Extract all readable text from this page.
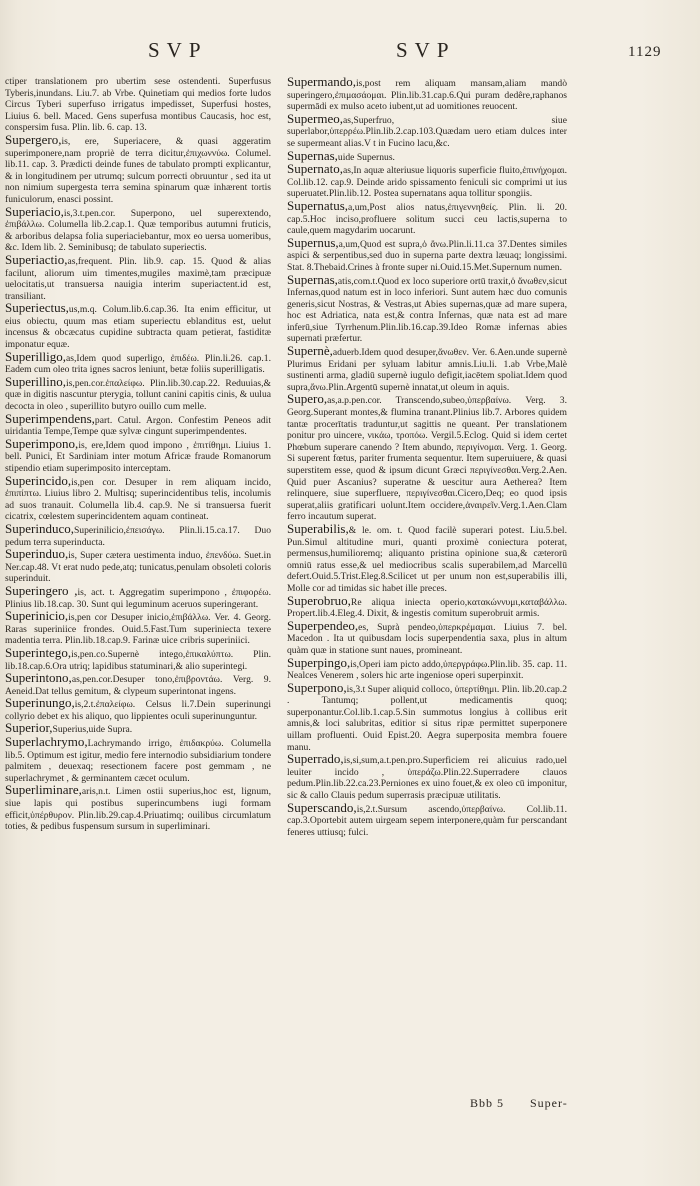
SVP	SVP	1129
ctiper translationem pro ubertim sese ostendenti. Superfusus Tyberis,inundans. Liu.7. ab Vrbe. Quinetiam qui medios forte ludos Circus Tyberi superfuso irrigatus impedisset, Superfusi hostes, Liuius 6. bell. Maced. Gens superfusa montibus Caucasis, hoc est, conspersim fusa. Plin. lib. 6. cap. 13.
Supergero,is, ere, Superiacere, & quasi aggeratim superimponere,nam propriè de terra dicitur,ἐπιχωννύω. Columel. lib.11. cap. 3. Prædicti deinde funes de tabulato prompti explicantur, & in longitudinem per utrumq; sulcum porrecti obruuntur , sed ita ut non nimium supergesta terra semina spinarum quæ inhærent tortis funiculorum, enasci possint.
Superiacio,is,3.t.pen.cor. Superpono, uel superextendo, ἐπιβάλλω. Columella lib.2.cap.1. Quæ temporibus autumni fruticis, & arboribus delapsa folia superiaciebantur, mox eo uersa uomeribus, &c. Idem lib. 2. Seminibusq; de tabulato superiectis.
Superiactio,as,frequent. Plin. lib.9. cap. 15. Quod & alias facilunt, aliorum uim timentes,mugiles maximè,tam præcipuæ uelocitatis,ut transuersa nauigia interim superiactent.id est, transiliant.
Superiectus,us,m.q. Colum.lib.6.cap.36. Ita enim efficitur, ut eius obiectu, quum mas etiam superiectu eblanditus est, uelut incensus & obcæcatus cupidine subtracta quam petierat, fastiditæ imponatur equæ.
Superilligo,as,Idem quod superligo, ἐπιδέω. Plin.li.26. cap.1. Eadem cum oleo trita ignes sacros leniunt, betæ foliis superilligatis.
Superillino,is,pen.cor.ἐπαλείφω. Plin.lib.30.cap.22. Reduuias,& quæ in digitis nascuntur pterygia, tollunt canini capitis cinis, & uulua decocta in oleo , superillito butyro ouillo cum melle.
Superimpendens,part. Catul. Argon. Confestim Peneos adit uiridantia Tempe,Tempe quæ sylvæ cingunt superimpendentes.
Superimpono,is, ere,Idem quod impono , ἐπιτίθημι. Liuius 1. bell. Punici, Et Sardiniam inter motum Africæ fraude Romanorum stipendio etiam superimposito interceptam.
Superincido,is,pen cor. Desuper in rem aliquam incido, ἐπιπίπτω. Liuius libro 2. Multisq; superincidentibus telis, incolumis ad suos tranauit. Columella lib.4. cap.9. Ne si transuersa fuerit cicatrix, cœlestem superincidentem aquam contineat.
Superinduco,Superinilicio,ἐπεισάγω. Plin.li.15.ca.17. Duo pedum terra superinducta.
Superinduo,is, Super cætera uestimenta induo, ἐπενδύω. Suet.in Ner.cap.48. Vt erat nudo pede,atq; tunicatus,penulam obsoleti coloris superinduit.
Superingero ,is, act. t. Aggregatim superimpono , ἐπιφορέω. Plinius lib.18.cap. 30. Sunt qui leguminum aceruos superingerant.
Superinicio,is,pen cor Desuper inicio,ἐπιβάλλω. Ver. 4. Georg. Raras superiniice frondes. Ouid.5.Fast.Tum superiniecta texere madentia terra. Plin.lib.18.cap.9. Farinæ uice cribris superiniici.
Superintego,is,pen.co.Supernè intego,ἐπικαλύπτω. Plin. lib.18.cap.6.Ora utriq; lapidibus statuminari,& alio superintegi.
Superintono,as,pen.cor.Desuper tono,ἐπιβροντάω. Verg. 9. Aeneid.Dat tellus gemitum, & clypeum superintonat ingens.
Superinungo,is,2.t.ἐπαλείφω. Celsus li.7.Dein superinungi collyrio debet ex his aliquo, quo lippientes oculi superinunguntur.
Superior,Superius,uide Supra.
Superlachrymo,Lachrymando irrigo, ἐπιδακρύω. Columella lib.5. Optimum est igitur, medio fere internodio subsidiarium tondere palmitem , deuexaq; resectionem facere post gemmam , ne superlachrymet , & germinantem cæcet oculum.
Superliminare,aris,n.t. Limen ostii superius,hoc est, lignum, siue lapis qui postibus superincumbens iugi formam efficit,ὑπέρθυρον. Plin.lib.29.cap.4.Priuatimq; ouilibus circumlatum toties, & pedibus fuspensum sursum in superliminari.
Supermando,is,post rem aliquam mansam,aliam mandò superingero,ἐπιμασάομαι. Plin.lib.31.cap.6.Qui puram dedêre,raphanos supermādi ex mulso aceto iubent,ut ad uomitiones reuocent.
Supermeo,as,Superfruo, siue superlabor,ὑπερρέω.Plin.lib.2.cap.103.Quædam uero etiam dulces inter se supermeant alias.V t in Fucino lacu,&c.
Supernas,uide Supernus.
Supernato,as,In aquæ alteriusue liquoris superficie fluito,ἐπινήχομαι. Col.lib.12. cap.9. Deinde arido spissamento feniculi sic comprimi ut ius superuatet.Plin.lib.12. Postea supernatans aqua tollitur spongiis.
Supernatus,a,um,Post alios natus,ἐπιγεννηθείς. Plin. li. 20. cap.5.Hoc inciso,profluere solitum succi ceu lactis,superna to caule,quem magydarim uocarunt.
Supernus,a,um,Quod est supra,ὁ ἄνω.Plin.li.11.ca 37.Dentes similes aspici & serpentibus,sed duo in superna parte dextra læuaq; longissimi. Stat. 8.Thebaid.Crines à fronte super ni.Ouid.15.Met.Supernum numen.
Supernas,atis,com.t.Quod ex loco superiore ortū traxit,ὁ ἄνωθεν,sicut Infernas,quod natum est in loco inferiori. Sunt autem hæc duo comunis generis,sicut Nostras, & Vestras,ut Abies supernas,quæ ad mare supera, hoc est Adriatica, nata est,& contra Infernas, quæ nata est ad mare inferū,siue Tyrrhenum.Plin.lib.16.cap.39.Ideo Romæ infernas abies supernati præfertur.
Supernè,aduerb.Idem quod desuper,ἄνωθεν. Ver. 6.Aen.unde supernè Plurimus Eridani per syluam labitur amnis.Liu.li. 1.ab Vrbe,Malè sustinenti arma, gladiū supernè iugulo defigit,iacētem spoliat.Idem quod supra,ἄνω.Plin.Argentū supernè innatat,ut oleum in aquis.
Supero,as,a.p.pen.cor. Transcendo,subeo,ὑπερβαίνω. Verg. 3. Georg.Superant montes,& flumina tranant.Plinius lib.7. Arbores quidem tantæ procerītatis traduntur,ut sagittis ne queant. Per translationem ponitur pro uincere, νικάω, τροπόω. Vergil.5.Eclog. Quid si idem certet Phœbum superare canendo ? Item abundo, περιγίνομαι. Verg. 1. Georg. Si superent fœtus, pariter frumenta sequentur. Item superuiuere, & quasi superstitem esse, quod & ipsum dicunt Græci περιγίνεσθαι.Verg.2.Aen. Quid puer Ascanius? superatne & uescitur aura Aetherea? Item relinquere, siue superfluere, περιγίνεσθαι.Cicero,Deq; eo quod ipsis superat,aliis gratificari uolunt.Item occidere,ἀναιρεῖν.Verg.1.Aen.Clam ferro incautum superat.
Superabilis,& le. om. t. Quod facilè superari potest. Liu.5.bel. Pun.Simul altitudine muri, quanti proximè coniectura poterat, permensus,humilioremq; aliquanto pristina opinione sua,& cæterorū omniū ratus esse,& uel mediocribus scalis superabilem,ad Marcellū defert.Ouid.5.Trist.Eleg.8.Scilicet ut per unum non est,superabilis illi, Molle cor ad timidas sic habet ille preces.
Superobruo,Re aliqua iniecta operio,κατακώννυμι,καταβάλλω. Propert.lib.4.Eleg.4. Dixit, & ingestis comitum superobruit armis.
Superpendeo,es, Suprà pendeo,ὑπερκρέμαμαι. Liuius 7. bel. Macedon . Ita ut quibusdam locis superpendentia saxa, plus in altum quàm quæ in statione sunt naues, promineant.
Superpingo,is,Operi iam picto addo,ὑπεργράφω.Plin.lib. 35. cap. 11. Nealces Venerem , solers hic arte ingeniose operi superpinxit.
Superpono,is,3.t Super aliquid colloco, ὑπερτίθημι. Plin. lib.20.cap.2 . Tantumq; pollent,ut medicamentis quoq; superponantur.Col.lib.1.cap.5.Sin summotus longius à collibus erit amnis,& loci salubritas, editior si situs ripæ permittet superponere uillam profluenti. Ouid Epist.20. Aegra superposita membra fouere manu.
Superrado,is,si,sum,a.t.pen.pro.Superficiem rei alicuius rado,uel leuiter incido , ὑπεράζω.Plin.22.Superradere clauos pedum.Plin.lib.22.ca.23.Perniones ex uino fouet,& ex oleo cū imponitur, sic & callo Clauis pedum superrasis præcipuæ utilitatis.
Superscando,is,2.t.Sursum ascendo,ὑπερβαίνω. Col.lib.11. cap.3.Oportebit autem uirgeam sepem interponere,quàm fur perscandant feneres uttiusq; fulci.
Bbb 5 Super-
